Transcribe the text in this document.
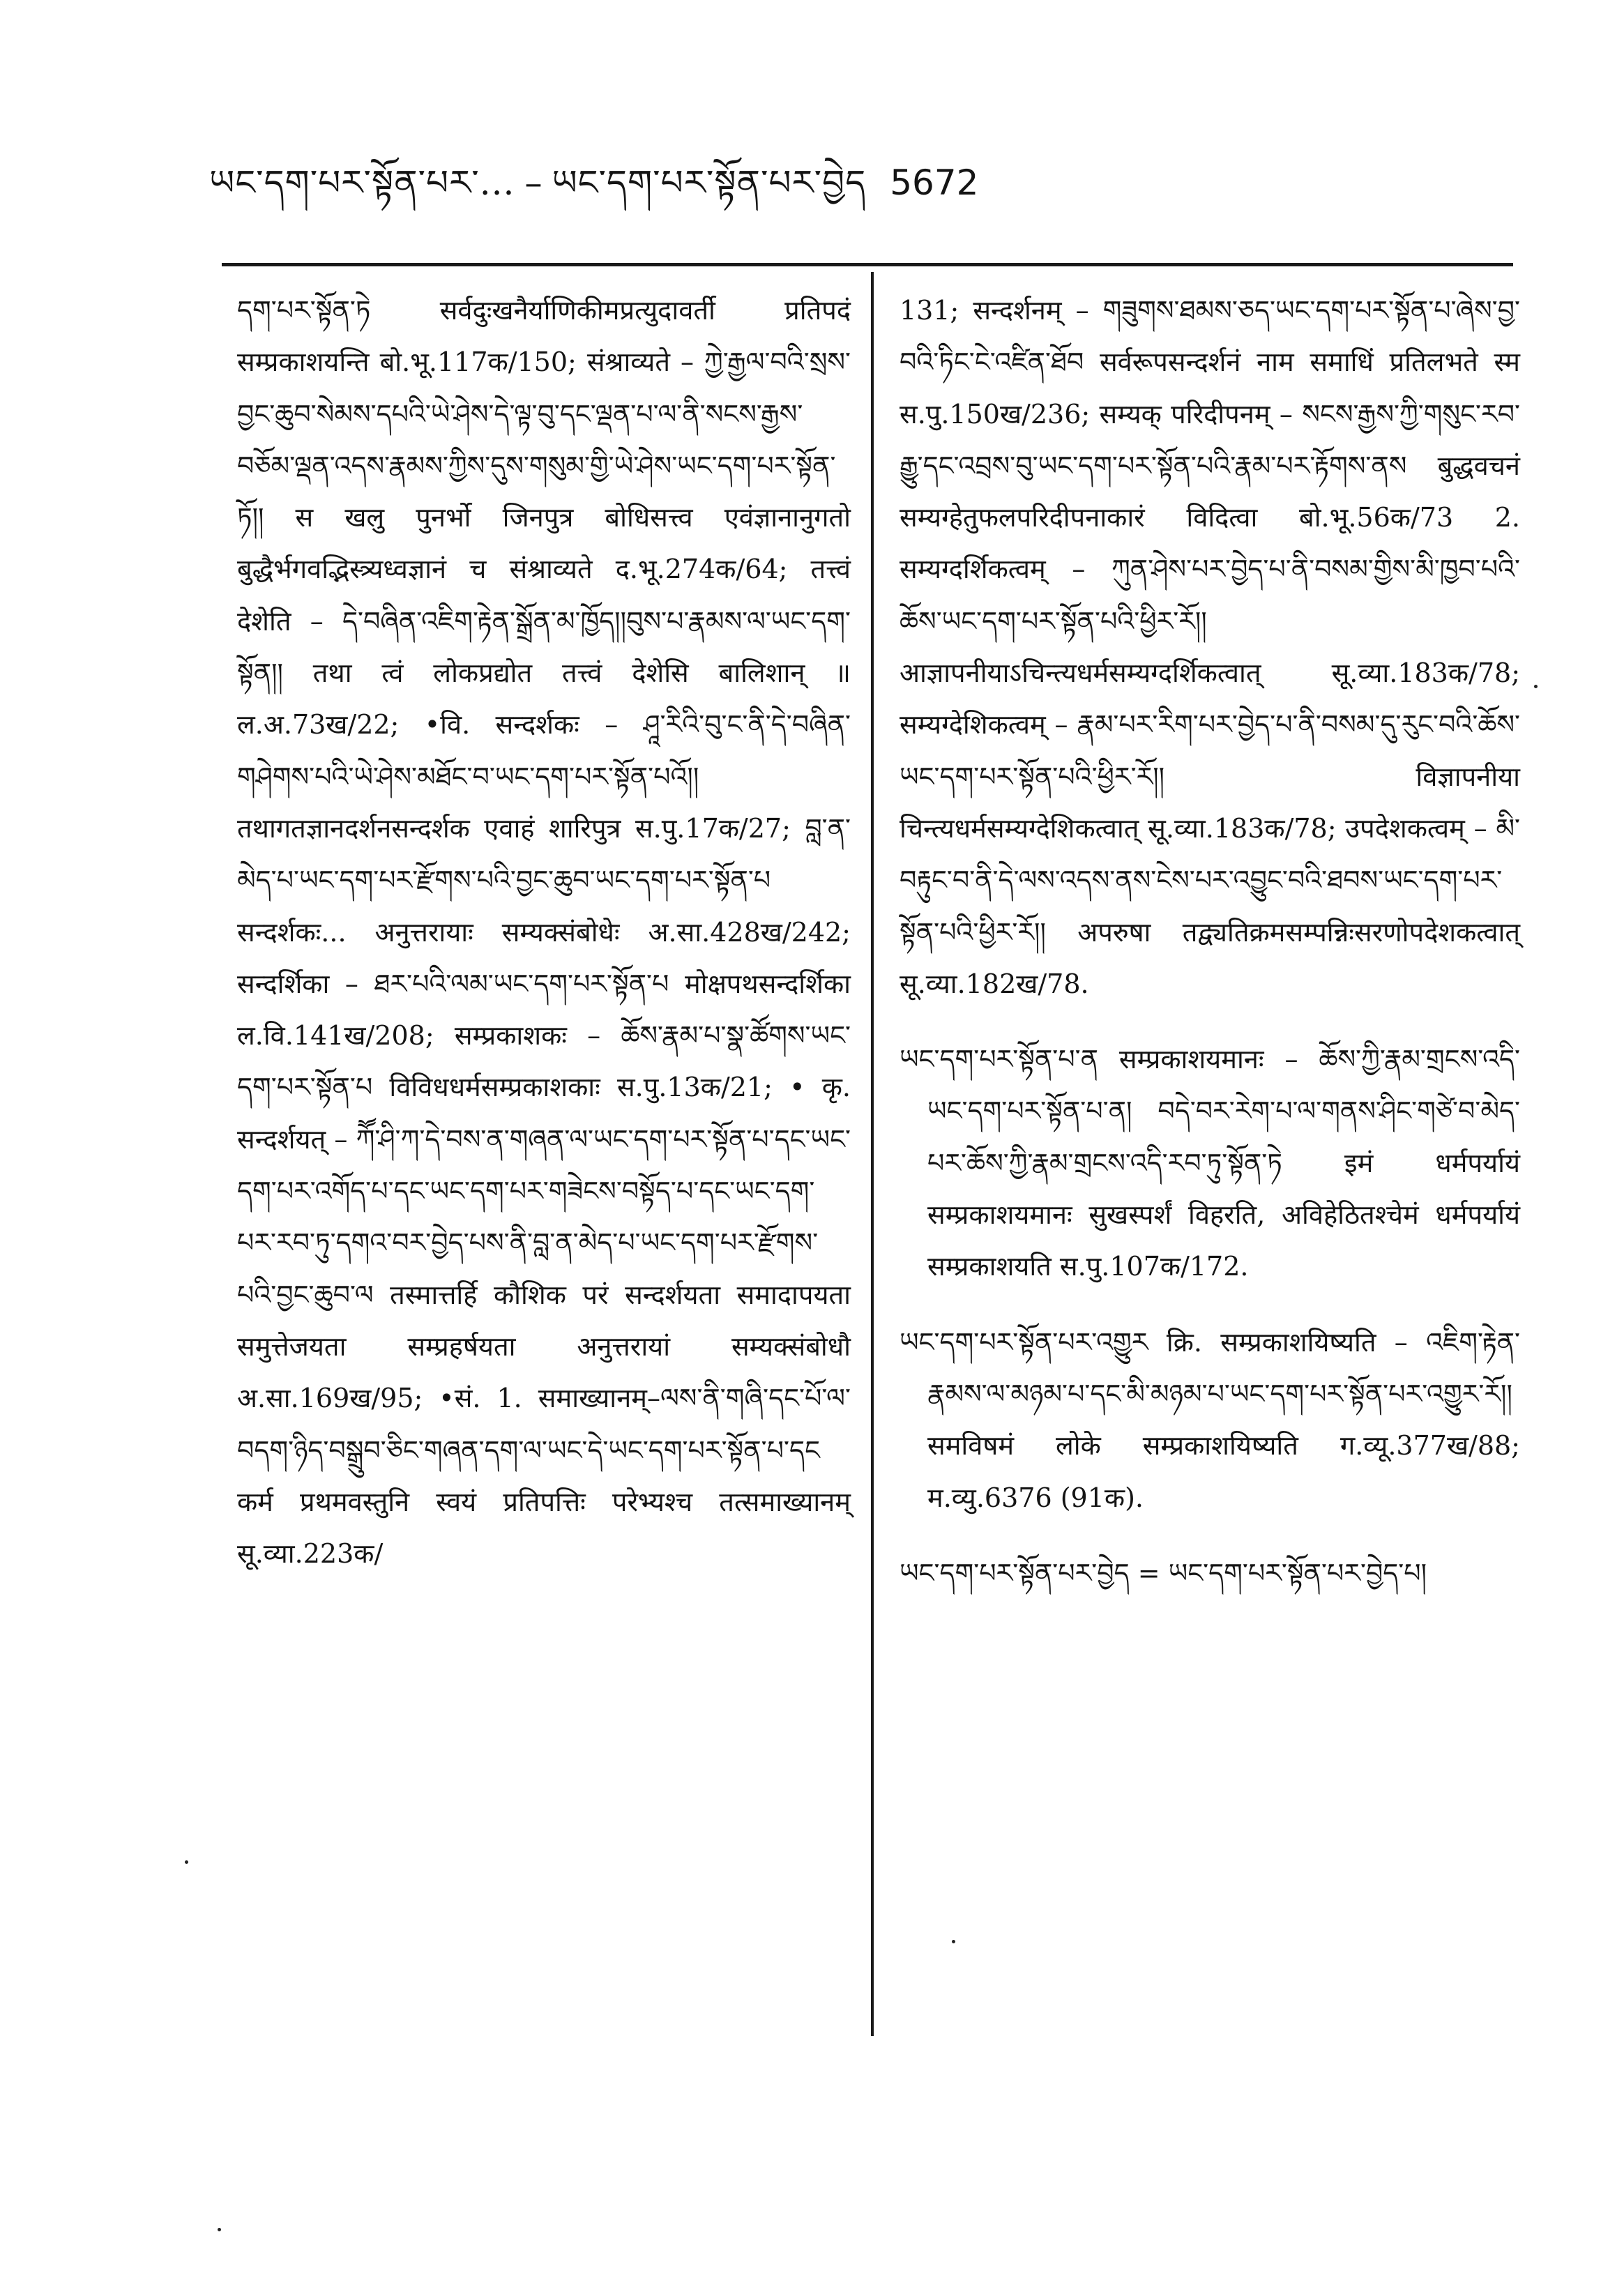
ཡང་དག་པར་སྟོན་པར་... – ཡང་དག་པར་སྟོན་པར་བྱེད 5672

དག་པར་སྟོན་ཏེ सर्वदुःखनैर्याणिकीमप्रत्युदावर्ती प्रतिपदं सम्प्रकाशयन्ति बो.भू.117क/150; संश्राव्यते – ཀྱེ་རྒྱལ་བའི་སྲས་བྱང་ཆུབ་སེམས་དཔའི་ཡེ་ཤེས་དེ་ལྟ་བུ་དང་ལྡན་པ་ལ་ནི་སངས་རྒྱས་བཅོམ་ལྡན་འདས་རྣམས་ཀྱིས་དུས་གསུམ་གྱི་ཡེ་ཤེས་ཡང་དག་པར་སྟོན་ཏོ།། स खलु पुनर्भो जिनपुत्र बोधिसत्त्व एवंज्ञानानुगतो बुद्धैर्भगवद्भिस्त्र्यध्वज्ञानं च संश्राव्यते द.भू.274क/64; तत्त्वं देशेति – དེ་བཞིན་འཇིག་རྟེན་སྒྲོན་མ་ཁྱོད།།བུས་པ་རྣམས་ལ་ཡང་དག་སྟོན།། तथा त्वं लोकप्रद्योत तत्त्वं देशेसि बालिशान् ॥ ल.अ.73ख/22; •वि. सन्दर्शकः – ཤཱ་རིའི་བུ་ང་ནི་དེ་བཞིན་གཤེགས་པའི་ཡེ་ཤེས་མཐོང་བ་ཡང་དག་པར་སྟོན་པའོ།། तथागतज्ञानदर्शनसन्दर्शक एवाहं शारिपुत्र स.पु.17क/27; བླ་ན་མེད་པ་ཡང་དག་པར་རྫོགས་པའི་བྱང་ཆུབ་ཡང་དག་པར་སྟོན་པ सन्दर्शकः... अनुत्तरायाः सम्यक्संबोधेः अ.सा.428ख/242; सन्दर्शिका – ཐར་པའི་ལམ་ཡང་དག་པར་སྟོན་པ मोक्षपथसन्दर्शिका ल.वि.141ख/208; सम्प्रकाशकः – ཆོས་རྣམ་པ་སྣ་ཚོགས་ཡང་དག་པར་སྟོན་པ विविधधर्मसम्प्रकाशकाः स.पु.13क/21; • कृ. सन्दर्शयत् – ཀཽ་ཤི་ཀ་དེ་བས་ན་གཞན་ལ་ཡང་དག་པར་སྟོན་པ་དང་ཡང་དག་པར་འགོད་པ་དང་ཡང་དག་པར་གཟེངས་བསྟོད་པ་དང་ཡང་དག་པར་རབ་ཏུ་དགའ་བར་བྱེད་པས་ནི་བླ་ན་མེད་པ་ཡང་དག་པར་རྫོགས་པའི་བྱང་ཆུབ་ལ तस्मात्तर्हि कौशिक परं सन्दर्शयता समादापयता समुत्तेजयता सम्प्रहर्षयता अनुत्तरायां सम्यक्संबोधौ अ.सा.169ख/95; •सं. 1. समाख्यानम्–ལས་ནི་གཞི་དང་པོ་ལ་བདག་ཉིད་བསྒྲུབ་ཅིང་གཞན་དག་ལ་ཡང་དེ་ཡང་དག་པར་སྟོན་པ་དང कर्म प्रथमवस्तुनि स्वयं प्रतिपत्तिः परेभ्यश्च तत्समाख्यानम् सू.व्या.223क/

131; सन्दर्शनम् – གཟུགས་ཐམས་ཅད་ཡང་དག་པར་སྟོན་པ་ཞེས་བྱ་བའི་ཏིང་ངེ་འཛིན་ཐོབ सर्वरूपसन्दर्शनं नाम समाधिं प्रतिलभते स्म स.पु.150ख/236; सम्यक् परिदीपनम् – སངས་རྒྱས་ཀྱི་གསུང་རབ་རྒྱུ་དང་འབྲས་བུ་ཡང་དག་པར་སྟོན་པའི་རྣམ་པར་རྟོགས་ནས बुद्धवचनं सम्यग्हेतुफलपरिदीपनाकारं विदित्वा बो.भू.56क/73 2. सम्यग्दर्शिकत्वम् – ཀུན་ཤེས་པར་བྱེད་པ་ནི་བསམ་གྱིས་མི་ཁྱབ་པའི་ཆོས་ཡང་དག་པར་སྟོན་པའི་ཕྱིར་རོ།། आज्ञापनीयाऽचिन्त्यधर्मसम्यग्दर्शिकत्वात् सू.व्या.183क/78; सम्यग्देशिकत्वम् – རྣམ་པར་རིག་པར་བྱེད་པ་ནི་བསམ་དུ་རུང་བའི་ཆོས་ཡང་དག་པར་སྟོན་པའི་ཕྱིར་རོ།། विज्ञापनीया चिन्त्यधर्मसम्यग्देशिकत्वात् सू.व्या.183क/78; उपदेशकत्वम् – མི་བརྟུང་བ་ནི་དེ་ལས་འདས་ནས་ངེས་པར་འབྱུང་བའི་ཐབས་ཡང་དག་པར་སྟོན་པའི་ཕྱིར་རོ།། अपरुषा तद्व्यतिक्रमसम्पन्निःसरणोपदेशकत्वात् सू.व्या.182ख/78.

ཡང་དག་པར་སྟོན་པ་ན सम्प्रकाशयमानः – ཆོས་ཀྱི་རྣམ་གྲངས་འདི་ཡང་དག་པར་སྟོན་པ་ན། བདེ་བར་རེག་པ་ལ་གནས་ཤིང་གཙེ་བ་མེད་པར་ཆོས་ཀྱི་རྣམ་གྲངས་འདི་རབ་ཏུ་སྟོན་ཏེ इमं धर्मपर्यायं सम्प्रकाशयमानः सुखस्पर्शं विहरति, अविहेठितश्चेमं धर्मपर्यायं सम्प्रकाशयति स.पु.107क/172.

ཡང་དག་པར་སྟོན་པར་འགྱུར क्रि. सम्प्रकाशयिष्यति – འཇིག་རྟེན་རྣམས་ལ་མཉམ་པ་དང་མི་མཉམ་པ་ཡང་དག་པར་སྟོན་པར་འགྱུར་རོ།། समविषमं लोके सम्प्रकाशयिष्यति ग.व्यू.377ख/88; म.व्यु.6376 (91क).

ཡང་དག་པར་སྟོན་པར་བྱེད = ཡང་དག་པར་སྟོན་པར་བྱེད་པ།
